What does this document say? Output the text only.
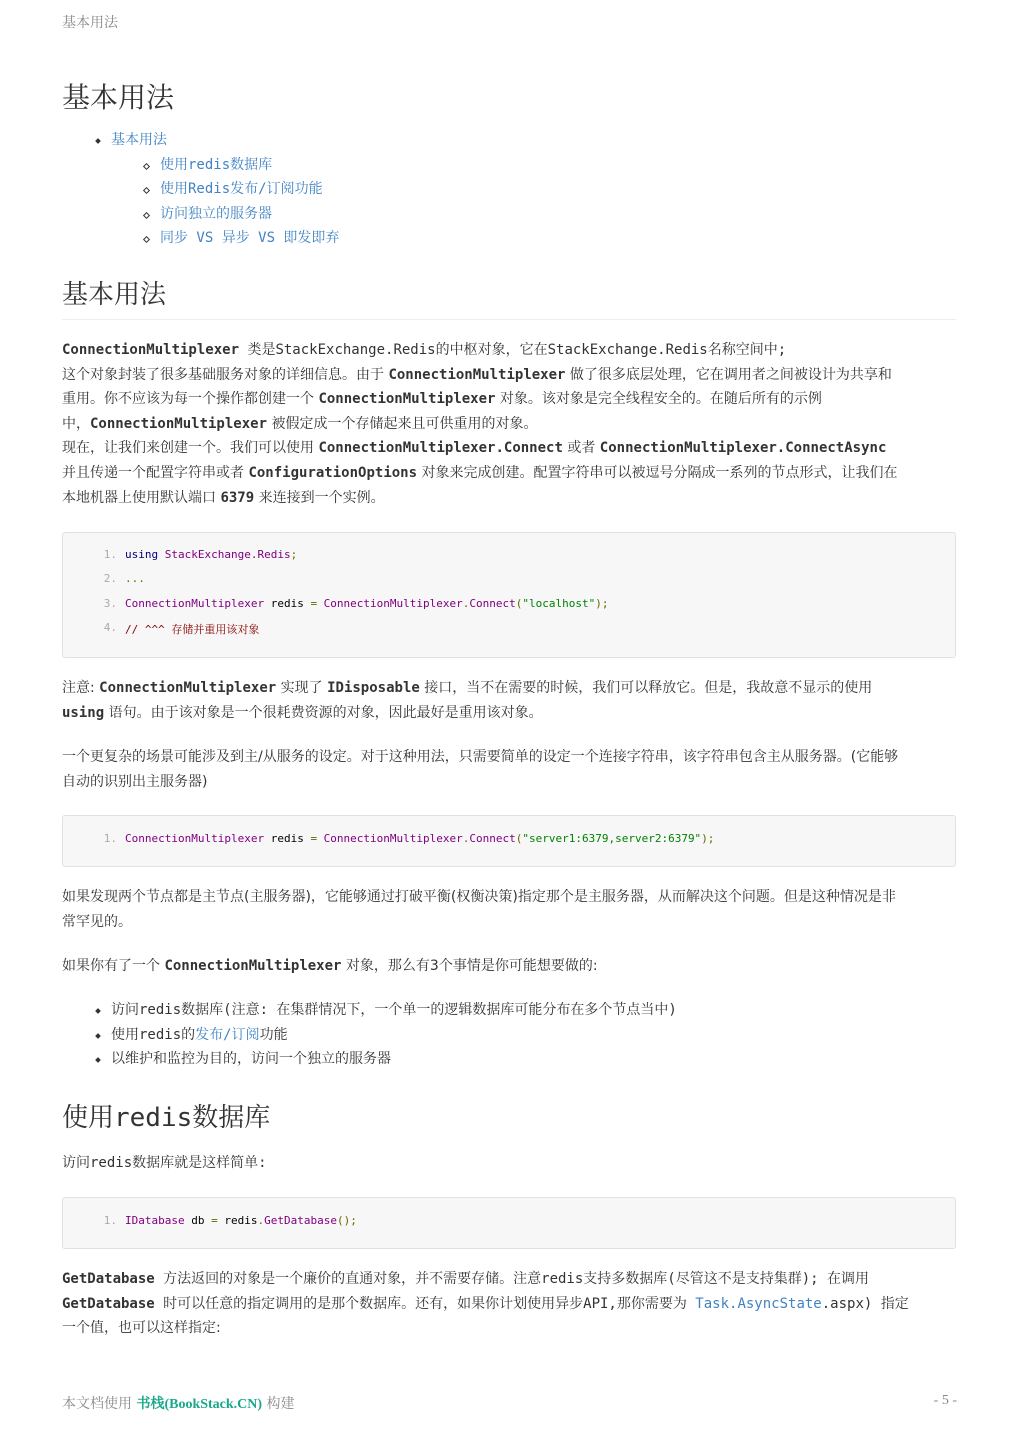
基本用法
基本用法
基本用法
使用redis数据库
使用Redis发布/订阅功能
访问独立的服务器
同步 VS 异步 VS 即发即弃
基本用法
ConnectionMultiplexer 类是StackExchange.Redis的中枢对象，它在StackExchange.Redis名称空间中;
这个对象封装了很多基础服务对象的详细信息。由于 ConnectionMultiplexer 做了很多底层处理，它在调用者之间被设计为共享和
重用。你不应该为每一个操作都创建一个 ConnectionMultiplexer 对象。该对象是完全线程安全的。在随后所有的示例
中，ConnectionMultiplexer 被假定成一个存储起来且可供重用的对象。
现在，让我们来创建一个。我们可以使用 ConnectionMultiplexer.Connect 或者 ConnectionMultiplexer.ConnectAsync
并且传递一个配置字符串或者 ConfigurationOptions 对象来完成创建。配置字符串可以被逗号分隔成一系列的节点形式，让我们在
本地机器上使用默认端口 6379 来连接到一个实例。
1. using StackExchange.Redis;
2. ...
3. ConnectionMultiplexer redis = ConnectionMultiplexer.Connect("localhost");
4. // ^^^ 存储并重用该对象
注意: ConnectionMultiplexer 实现了 IDisposable 接口，当不在需要的时候，我们可以释放它。但是，我故意不显示的使用
using 语句。由于该对象是一个很耗费资源的对象，因此最好是重用该对象。
一个更复杂的场景可能涉及到主/从服务的设定。对于这种用法，只需要简单的设定一个连接字符串，该字符串包含主从服务器。(它能够
自动的识别出主服务器)
1. ConnectionMultiplexer redis = ConnectionMultiplexer.Connect("server1:6379,server2:6379");
如果发现两个节点都是主节点(主服务器)，它能够通过打破平衡(权衡决策)指定那个是主服务器，从而解决这个问题。但是这种情况是非
常罕见的。
如果你有了一个 ConnectionMultiplexer 对象，那么有3个事情是你可能想要做的:
访问redis数据库(注意: 在集群情况下，一个单一的逻辑数据库可能分布在多个节点当中)
使用redis的发布/订阅功能
以维护和监控为目的，访问一个独立的服务器
使用redis数据库
访问redis数据库就是这样简单:
1. IDatabase db = redis.GetDatabase();
GetDatabase 方法返回的对象是一个廉价的直通对象，并不需要存储。注意redis支持多数据库(尽管这不是支持集群); 在调用
GetDatabase 时可以任意的指定调用的是那个数据库。还有，如果你计划使用异步API,那你需要为 Task.AsyncState.aspx) 指定
一个值，也可以这样指定:
本文档使用 书栈(BookStack.CN) 构建	- 5 -
